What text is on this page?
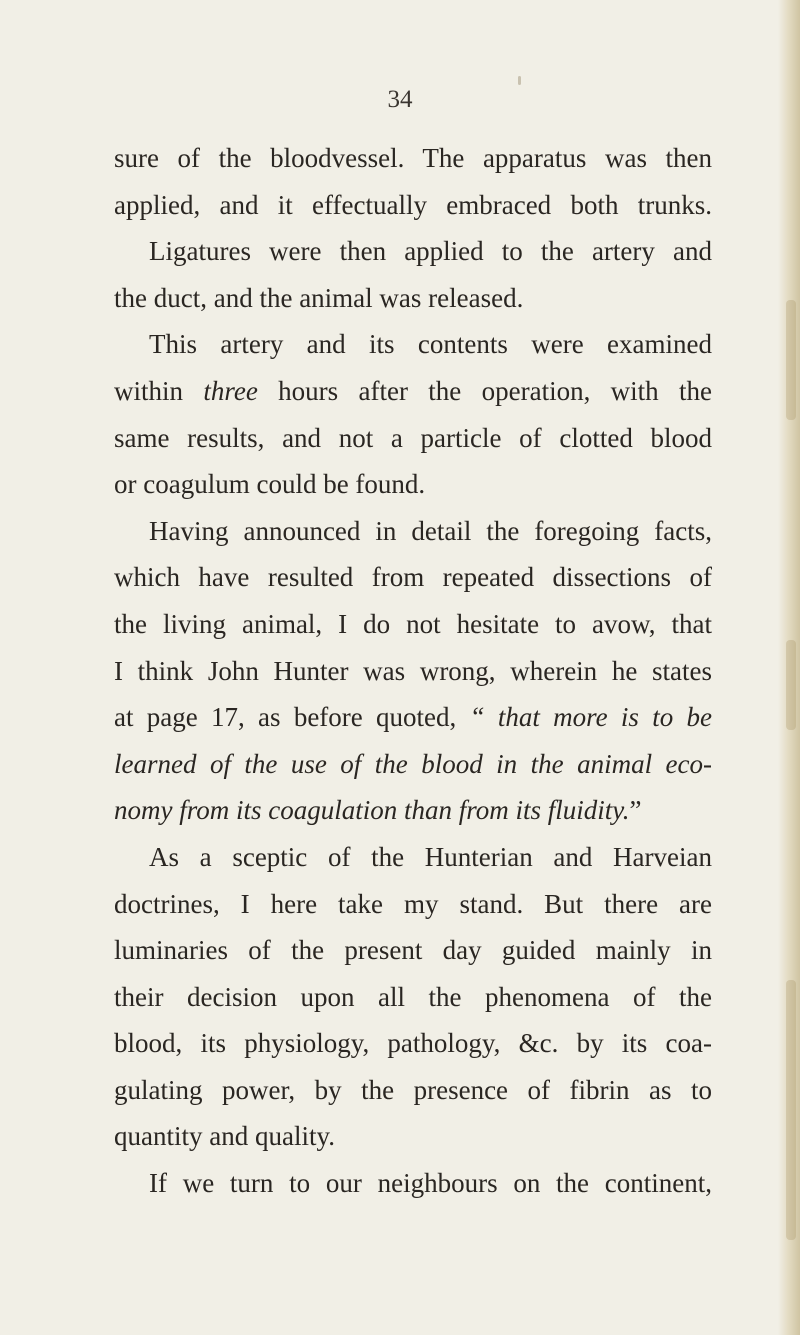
34
sure of the bloodvessel. The apparatus was then
applied, and it effectually embraced both trunks.
Ligatures were then applied to the artery and
the duct, and the animal was released.
This artery and its contents were examined
within three hours after the operation, with the
same results, and not a particle of clotted blood
or coagulum could be found.
Having announced in detail the foregoing facts,
which have resulted from repeated dissections of
the living animal, I do not hesitate to avow, that
I think John Hunter was wrong, wherein he states
at page 17, as before quoted, “ that more is to be
learned of the use of the blood in the animal eco-
nomy from its coagulation than from its fluidity.”
As a sceptic of the Hunterian and Harveian
doctrines, I here take my stand. But there are
luminaries of the present day guided mainly in
their decision upon all the phenomena of the
blood, its physiology, pathology, &c. by its coa-
gulating power, by the presence of fibrin as to
quantity and quality.
If we turn to our neighbours on the continent,
